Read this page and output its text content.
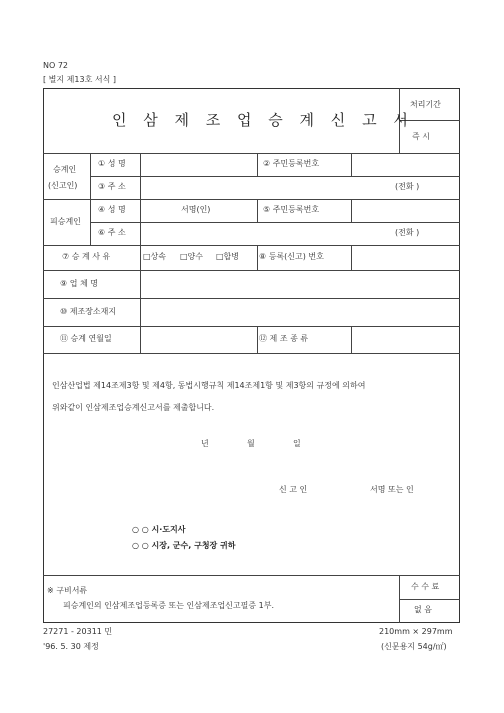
NO 72
[ 별지 제13호 서식 ]
인 삼 제 조 업 승 계 신 고 서
처리기간
즉 시
승계인
(신고인)
① 성 명	② 주민등록번호
③ 주 소	(전화 )
피승계인
④ 성 명	서명(인)	⑤ 주민등록번호
⑥ 주 소	(전화 )
⑦ 승 계 사 유	□상속 □양수 □합병 ⑧ 등록(신고) 번호
⑨ 업 체 명
⑩ 제조장소재지
⑪ 승계 연월일	⑫ 제 조 종 류
인삼산업법 제14조제3항 및 제4항, 동법시행규칙 제14조제1항 및 제3항의 규정에 의하여
위와같이 인삼제조업승계신고서를 제출합니다.
년	월	일
신 고 인	서명 또는 인
○ ○ 시·도지사
○ ○ 시장, 군수, 구청장 귀하
※ 구비서류
피승계인의 인삼제조업등록증 또는 인삼제조업신고필증 1부.
수 수 료
없 음
27271 - 20311 민
'96. 5. 30 제정
210mm × 297mm
(신문용지 54g/㎡)
